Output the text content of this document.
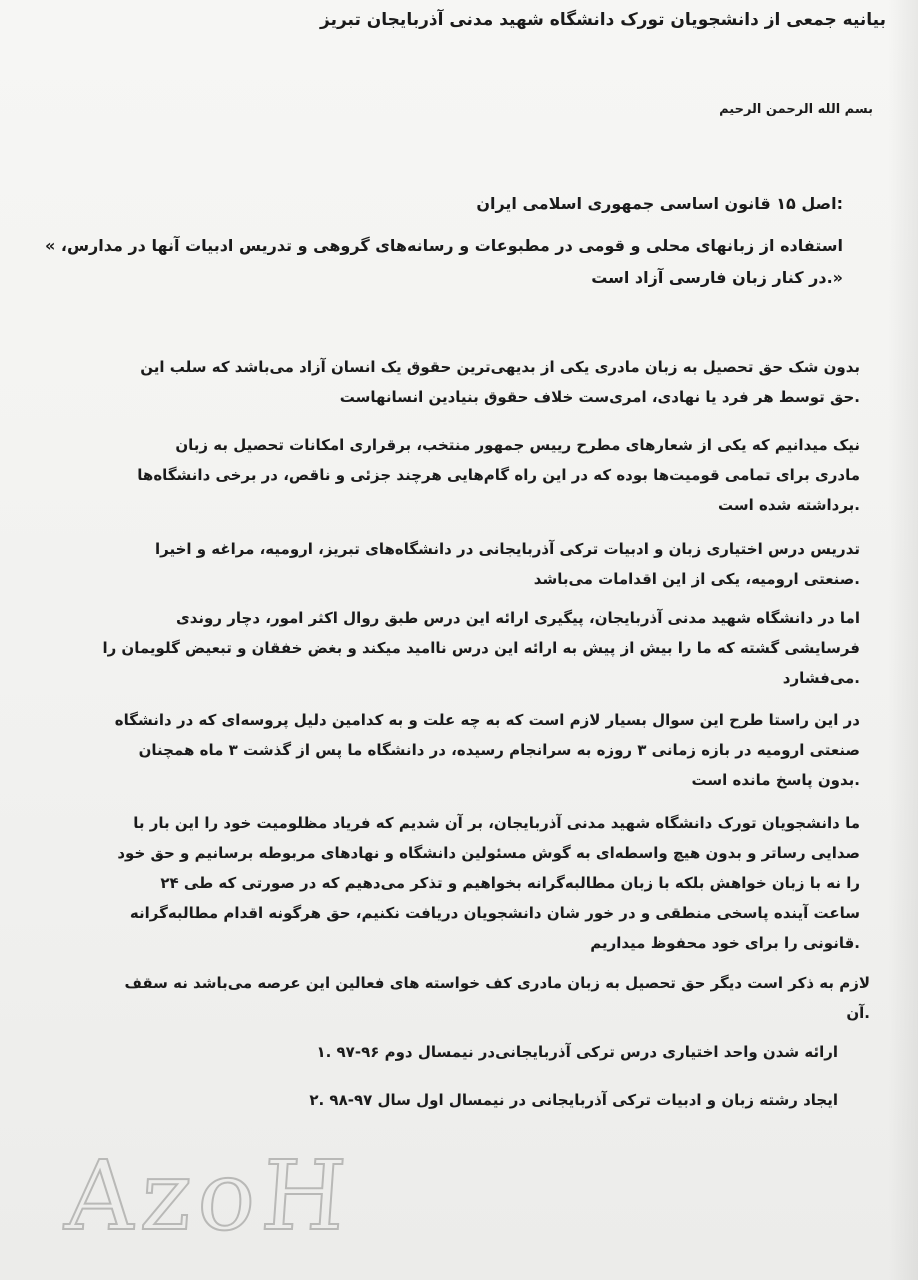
بیانیه جمعی از دانشجویان تورک دانشگاه شهید مدنی آذربایجان تبریز

بسم الله الرحمن الرحیم

:اصل ۱۵ قانون اساسی جمهوری اسلامی ایران

استفاده از زبانهای محلی و قومی در مطبوعات و رسانه‌های گروهی و تدریس ادبیات آنها در مدارس، »

«.در کنار زبان فارسی آزاد است

بدون شک حق تحصیل به زبان مادری یکی از بدیهی‌ترین حقوق یک انسان آزاد می‌باشد که سلب این
.حق توسط هر فرد یا نهادی، امری‌ست خلاف حقوق بنیادین انسانهاست
نیک میدانیم که یکی از شعارهای مطرح رییس جمهور منتخب، برقراری امکانات تحصیل به زبان
مادری برای تمامی قومیت‌ها بوده که در این راه گام‌هایی هرچند جزئی و ناقص، در برخی دانشگاه‌ها
.برداشته شده است
تدریس درس اختیاری زبان و ادبیات ترکی آذربایجانی در دانشگاه‌های تبریز، ارومیه، مراغه و اخیرا
.صنعتی ارومیه، یکی از این اقدامات می‌باشد
اما در دانشگاه شهید مدنی آذربایجان، پیگیری ارائه این درس طبق روال اکثر امور، دچار روندی
فرسایشی گشته که ما را بیش از پیش به ارائه این درس ناامید میکند و بغض خفقان و تبعیض گلویمان را
.می‌فشارد
در این راستا طرح این سوال بسیار لازم است که به چه علت و به کدامین دلیل پروسه‌ای که در دانشگاه
صنعتی ارومیه در بازه زمانی ۳ روزه به سرانجام رسیده، در دانشگاه ما پس از گذشت ۳ ماه همچنان
.بدون پاسخ مانده است
ما دانشجویان تورک دانشگاه شهید مدنی آذربایجان، بر آن شدیم که فریاد مظلومیت خود را این بار با
صدایی رساتر و بدون هیچ واسطه‌ای به گوش مسئولین دانشگاه و نهادهای مربوطه برسانیم و حق خود
را نه با زبان خواهش بلکه با زبان مطالبه‌گرانه بخواهیم و تذکر می‌دهیم که در صورتی که طی ۲۴
ساعت آینده پاسخی منطقی و در خور شان دانشجویان دریافت نکنیم، حق هرگونه اقدام مطالبه‌گرانه
.قانونی را برای خود محفوظ میداریم
لازم به ذکر است دیگر حق تحصیل به زبان مادری کف خواسته های فعالین این عرصه می‌باشد نه سقف
.آن

ارائه شدن واحد اختیاری درس ترکی آذربایجانی‌در نیمسال دوم ۹۶-۹۷ .۱

ایجاد رشته زبان و ادبیات ترکی آذربایجانی در نیمسال اول سال ۹۷-۹۸ .۲

AzoH
